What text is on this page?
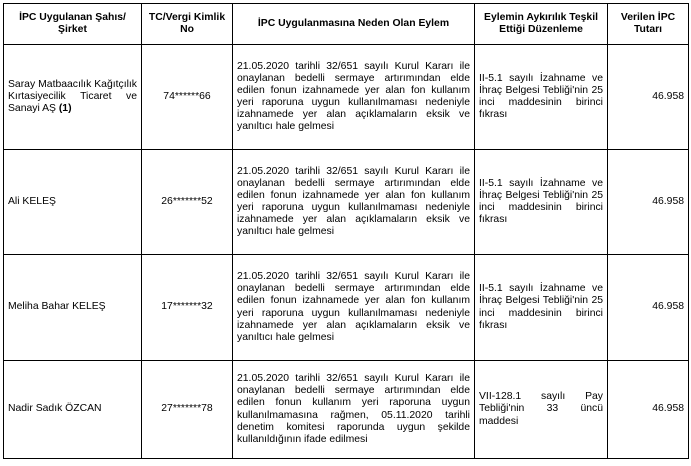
İPC Uygulanan Şahıs/Şirket	TC/Vergi Kimlik No	İPC Uygulanmasına Neden Olan Eylem	Eylemin Aykırılık Teşkil Ettiği Düzenleme	Verilen İPC Tutarı
Saray Matbaacılık Kağıtçılık Kırtasiyecilik Ticaret ve Sanayi AŞ (1)	74******66	21.05.2020 tarihli 32/651 sayılı Kurul Kararı ile onaylanan bedelli sermaye artırımından elde edilen fonun izahnamede yer alan fon kullanım yeri raporuna uygun kullanılmaması nedeniyle izahnamede yer alan açıklamaların eksik ve yanıltıcı hale gelmesi	II-5.1 sayılı İzahname ve İhraç Belgesi Tebliği'nin 25 inci maddesinin birinci fıkrası	46.958
Ali KELEŞ	26*******52	21.05.2020 tarihli 32/651 sayılı Kurul Kararı ile onaylanan bedelli sermaye artırımından elde edilen fonun izahnamede yer alan fon kullanım yeri raporuna uygun kullanılmaması nedeniyle izahnamede yer alan açıklamaların eksik ve yanıltıcı hale gelmesi	II-5.1 sayılı İzahname ve İhraç Belgesi Tebliği'nin 25 inci maddesinin birinci fıkrası	46.958
Meliha Bahar KELEŞ	17*******32	21.05.2020 tarihli 32/651 sayılı Kurul Kararı ile onaylanan bedelli sermaye artırımından elde edilen fonun izahnamede yer alan fon kullanım yeri raporuna uygun kullanılmaması nedeniyle izahnamede yer alan açıklamaların eksik ve yanıltıcı hale gelmesi	II-5.1 sayılı İzahname ve İhraç Belgesi Tebliği'nin 25 inci maddesinin birinci fıkrası	46.958
Nadir Sadık ÖZCAN	27*******78	21.05.2020 tarihli 32/651 sayılı Kurul Kararı ile onaylanan bedelli sermaye artırımından elde edilen fonun kullanım yeri raporuna uygun kullanılmamasına rağmen, 05.11.2020 tarihli denetim komitesi raporunda uygun şekilde kullanıldığının ifade edilmesi	VII-128.1 sayılı Pay Tebliği'nin 33 üncü maddesi	46.958
